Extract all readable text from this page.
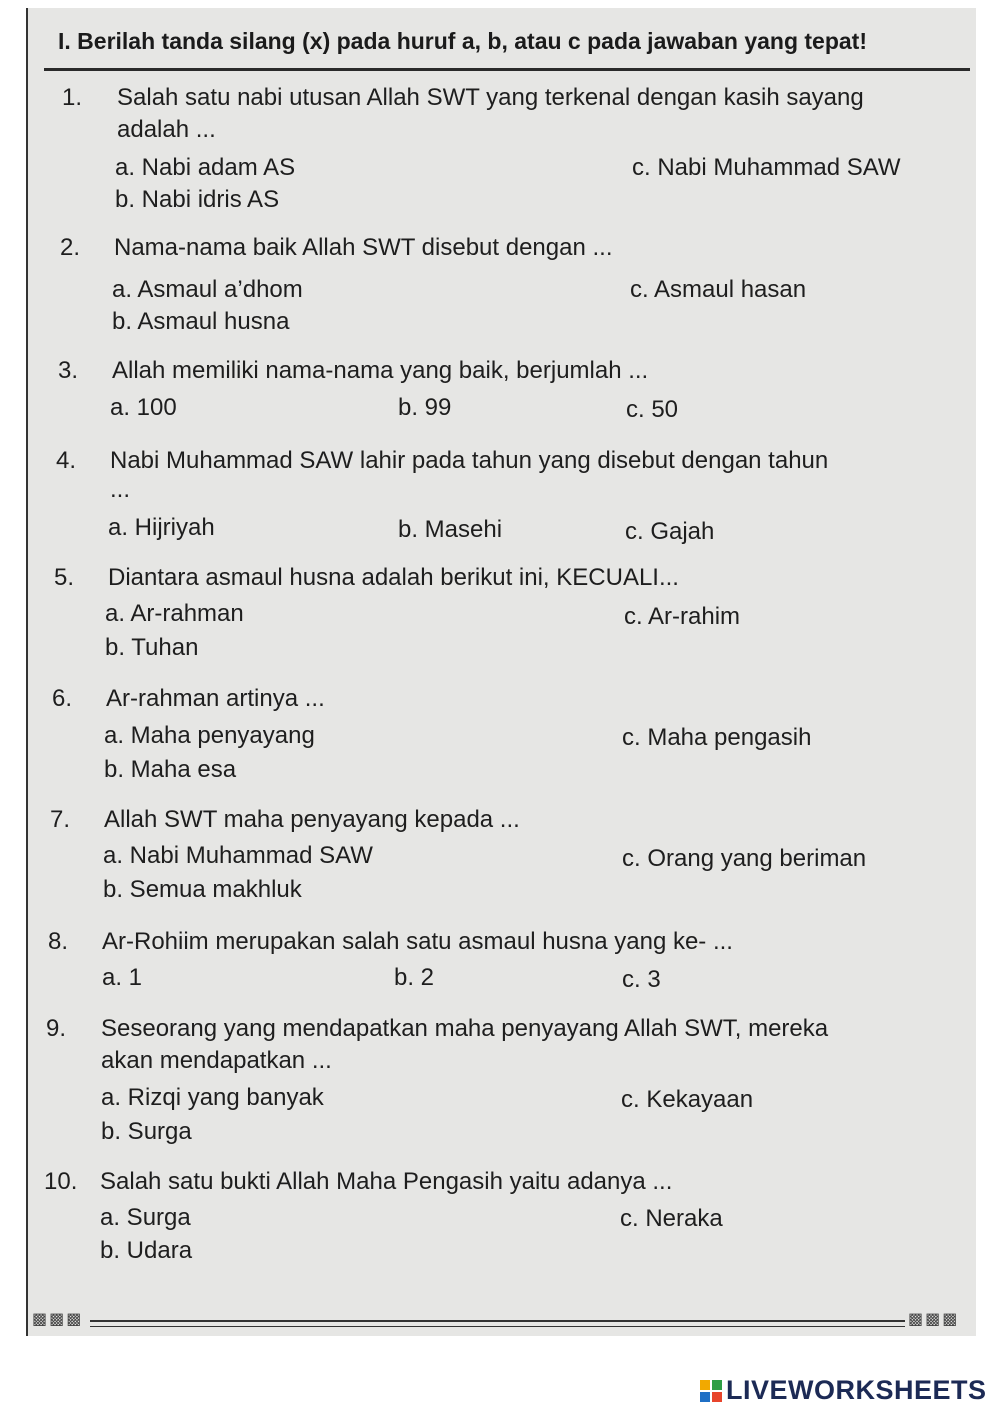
I. Berilah tanda silang (x) pada huruf a, b, atau c pada jawaban yang tepat!
1. Salah satu nabi utusan Allah SWT yang terkenal dengan kasih sayang
adalah ...
a. Nabi adam AS
b. Nabi idris AS
c. Nabi Muhammad SAW
2. Nama-nama baik Allah SWT disebut dengan ...
a. Asmaul a’dhom
b. Asmaul husna
c. Asmaul hasan
3. Allah memiliki nama-nama yang baik, berjumlah ...
a. 100	b. 99	c. 50
4. Nabi Muhammad SAW lahir pada tahun yang disebut dengan tahun
...
a. Hijriyah	b. Masehi	c. Gajah
5. Diantara asmaul husna adalah berikut ini, KECUALI...
a. Ar-rahman
b. Tuhan
c. Ar-rahim
6. Ar-rahman artinya ...
a. Maha penyayang
b. Maha esa
c. Maha pengasih
7. Allah SWT maha penyayang kepada ...
a. Nabi Muhammad SAW
b. Semua makhluk
c. Orang yang beriman
8. Ar-Rohiim merupakan salah satu asmaul husna yang ke- ...
a. 1	b. 2	c. 3
9. Seseorang yang mendapatkan maha penyayang Allah SWT, mereka
akan mendapatkan ...
a. Rizqi yang banyak
b. Surga
c. Kekayaan
10. Salah satu bukti Allah Maha Pengasih yaitu adanya ...
a. Surga
b. Udara
c. Neraka
▩▩▩	▩▩▩
LIVEWORKSHEETS
